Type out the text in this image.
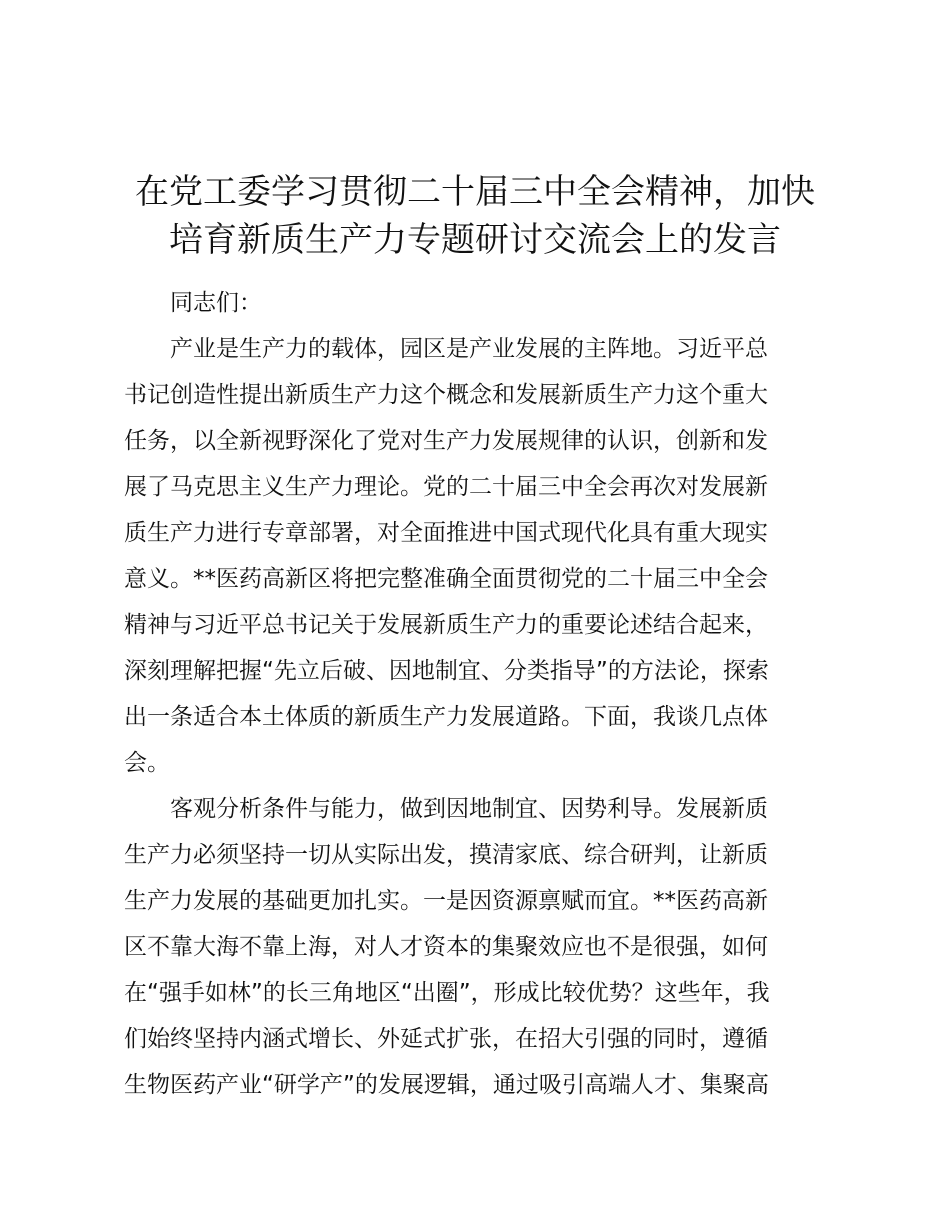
在党工委学习贯彻二十届三中全会精神，加快
培育新质生产力专题研讨交流会上的发言

同志们：

产业是生产力的载体，园区是产业发展的主阵地。习近平总
书记创造性提出新质生产力这个概念和发展新质生产力这个重大
任务，以全新视野深化了党对生产力发展规律的认识，创新和发
展了马克思主义生产力理论。党的二十届三中全会再次对发展新
质生产力进行专章部署，对全面推进中国式现代化具有重大现实
意义。**医药高新区将把完整准确全面贯彻党的二十届三中全会
精神与习近平总书记关于发展新质生产力的重要论述结合起来，
深刻理解把握“先立后破、因地制宜、分类指导”的方法论，探索
出一条适合本土体质的新质生产力发展道路。下面，我谈几点体
会。

客观分析条件与能力，做到因地制宜、因势利导。发展新质
生产力必须坚持一切从实际出发，摸清家底、综合研判，让新质
生产力发展的基础更加扎实。一是因资源禀赋而宜。**医药高新
区不靠大海不靠上海，对人才资本的集聚效应也不是很强，如何
在“强手如林”的长三角地区“出圈”，形成比较优势？这些年，我
们始终坚持内涵式增长、外延式扩张，在招大引强的同时，遵循
生物医药产业“研学产”的发展逻辑，通过吸引高端人才、集聚高
